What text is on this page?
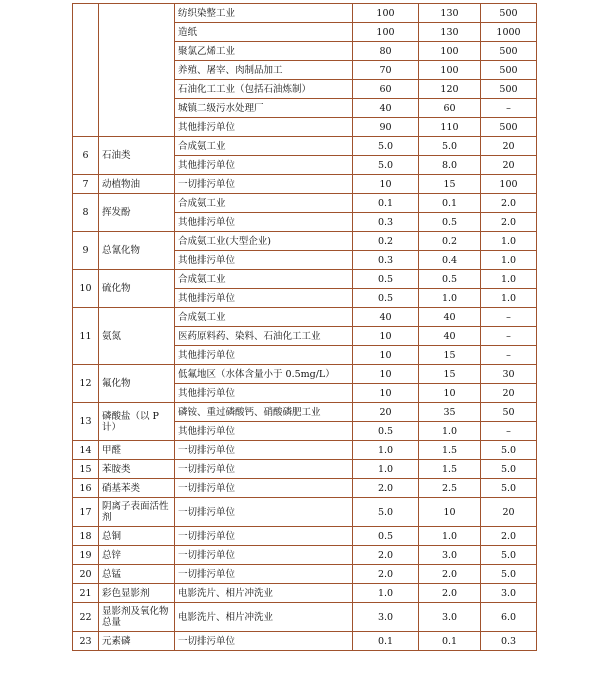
		纺织染整工业	100	130	500
		造纸	100	130	1000
		聚氯乙烯工业	80	100	500
		养殖、屠宰、肉制品加工	70	100	500
		石油化工工业（包括石油炼制）	60	120	500
		城镇二级污水处理厂	40	60	–
		其他排污单位	90	110	500
6	石油类	合成氨工业	5.0	5.0	20
		其他排污单位	5.0	8.0	20
7	动植物油	一切排污单位	10	15	100
8	挥发酚	合成氨工业	0.1	0.1	2.0
		其他排污单位	0.3	0.5	2.0
9	总氰化物	合成氨工业(大型企业)	0.2	0.2	1.0
		其他排污单位	0.3	0.4	1.0
10	硫化物	合成氨工业	0.5	0.5	1.0
		其他排污单位	0.5	1.0	1.0
11	氨氮	合成氨工业	40	40	–
		医药原料药、染料、石油化工工业	10	40	–
		其他排污单位	10	15	–
12	氟化物	低氟地区（水体含量小于 0.5mg/L）	10	15	30
		其他排污单位	10	10	20
13	磷酸盐（以 P 计）	磷铵、重过磷酸钙、硝酸磷肥工业	20	35	50
		其他排污单位	0.5	1.0	–
14	甲醛	一切排污单位	1.0	1.5	5.0
15	苯胺类	一切排污单位	1.0	1.5	5.0
16	硝基苯类	一切排污单位	2.0	2.5	5.0
17	阴离子表面活性剂	一切排污单位	5.0	10	20
18	总铜	一切排污单位	0.5	1.0	2.0
19	总锌	一切排污单位	2.0	3.0	5.0
20	总锰	一切排污单位	2.0	2.0	5.0
21	彩色显影剂	电影洗片、相片冲洗业	1.0	2.0	3.0
22	显影剂及氧化物总量	电影洗片、相片冲洗业	3.0	3.0	6.0
23	元素磷	一切排污单位	0.1	0.1	0.3
